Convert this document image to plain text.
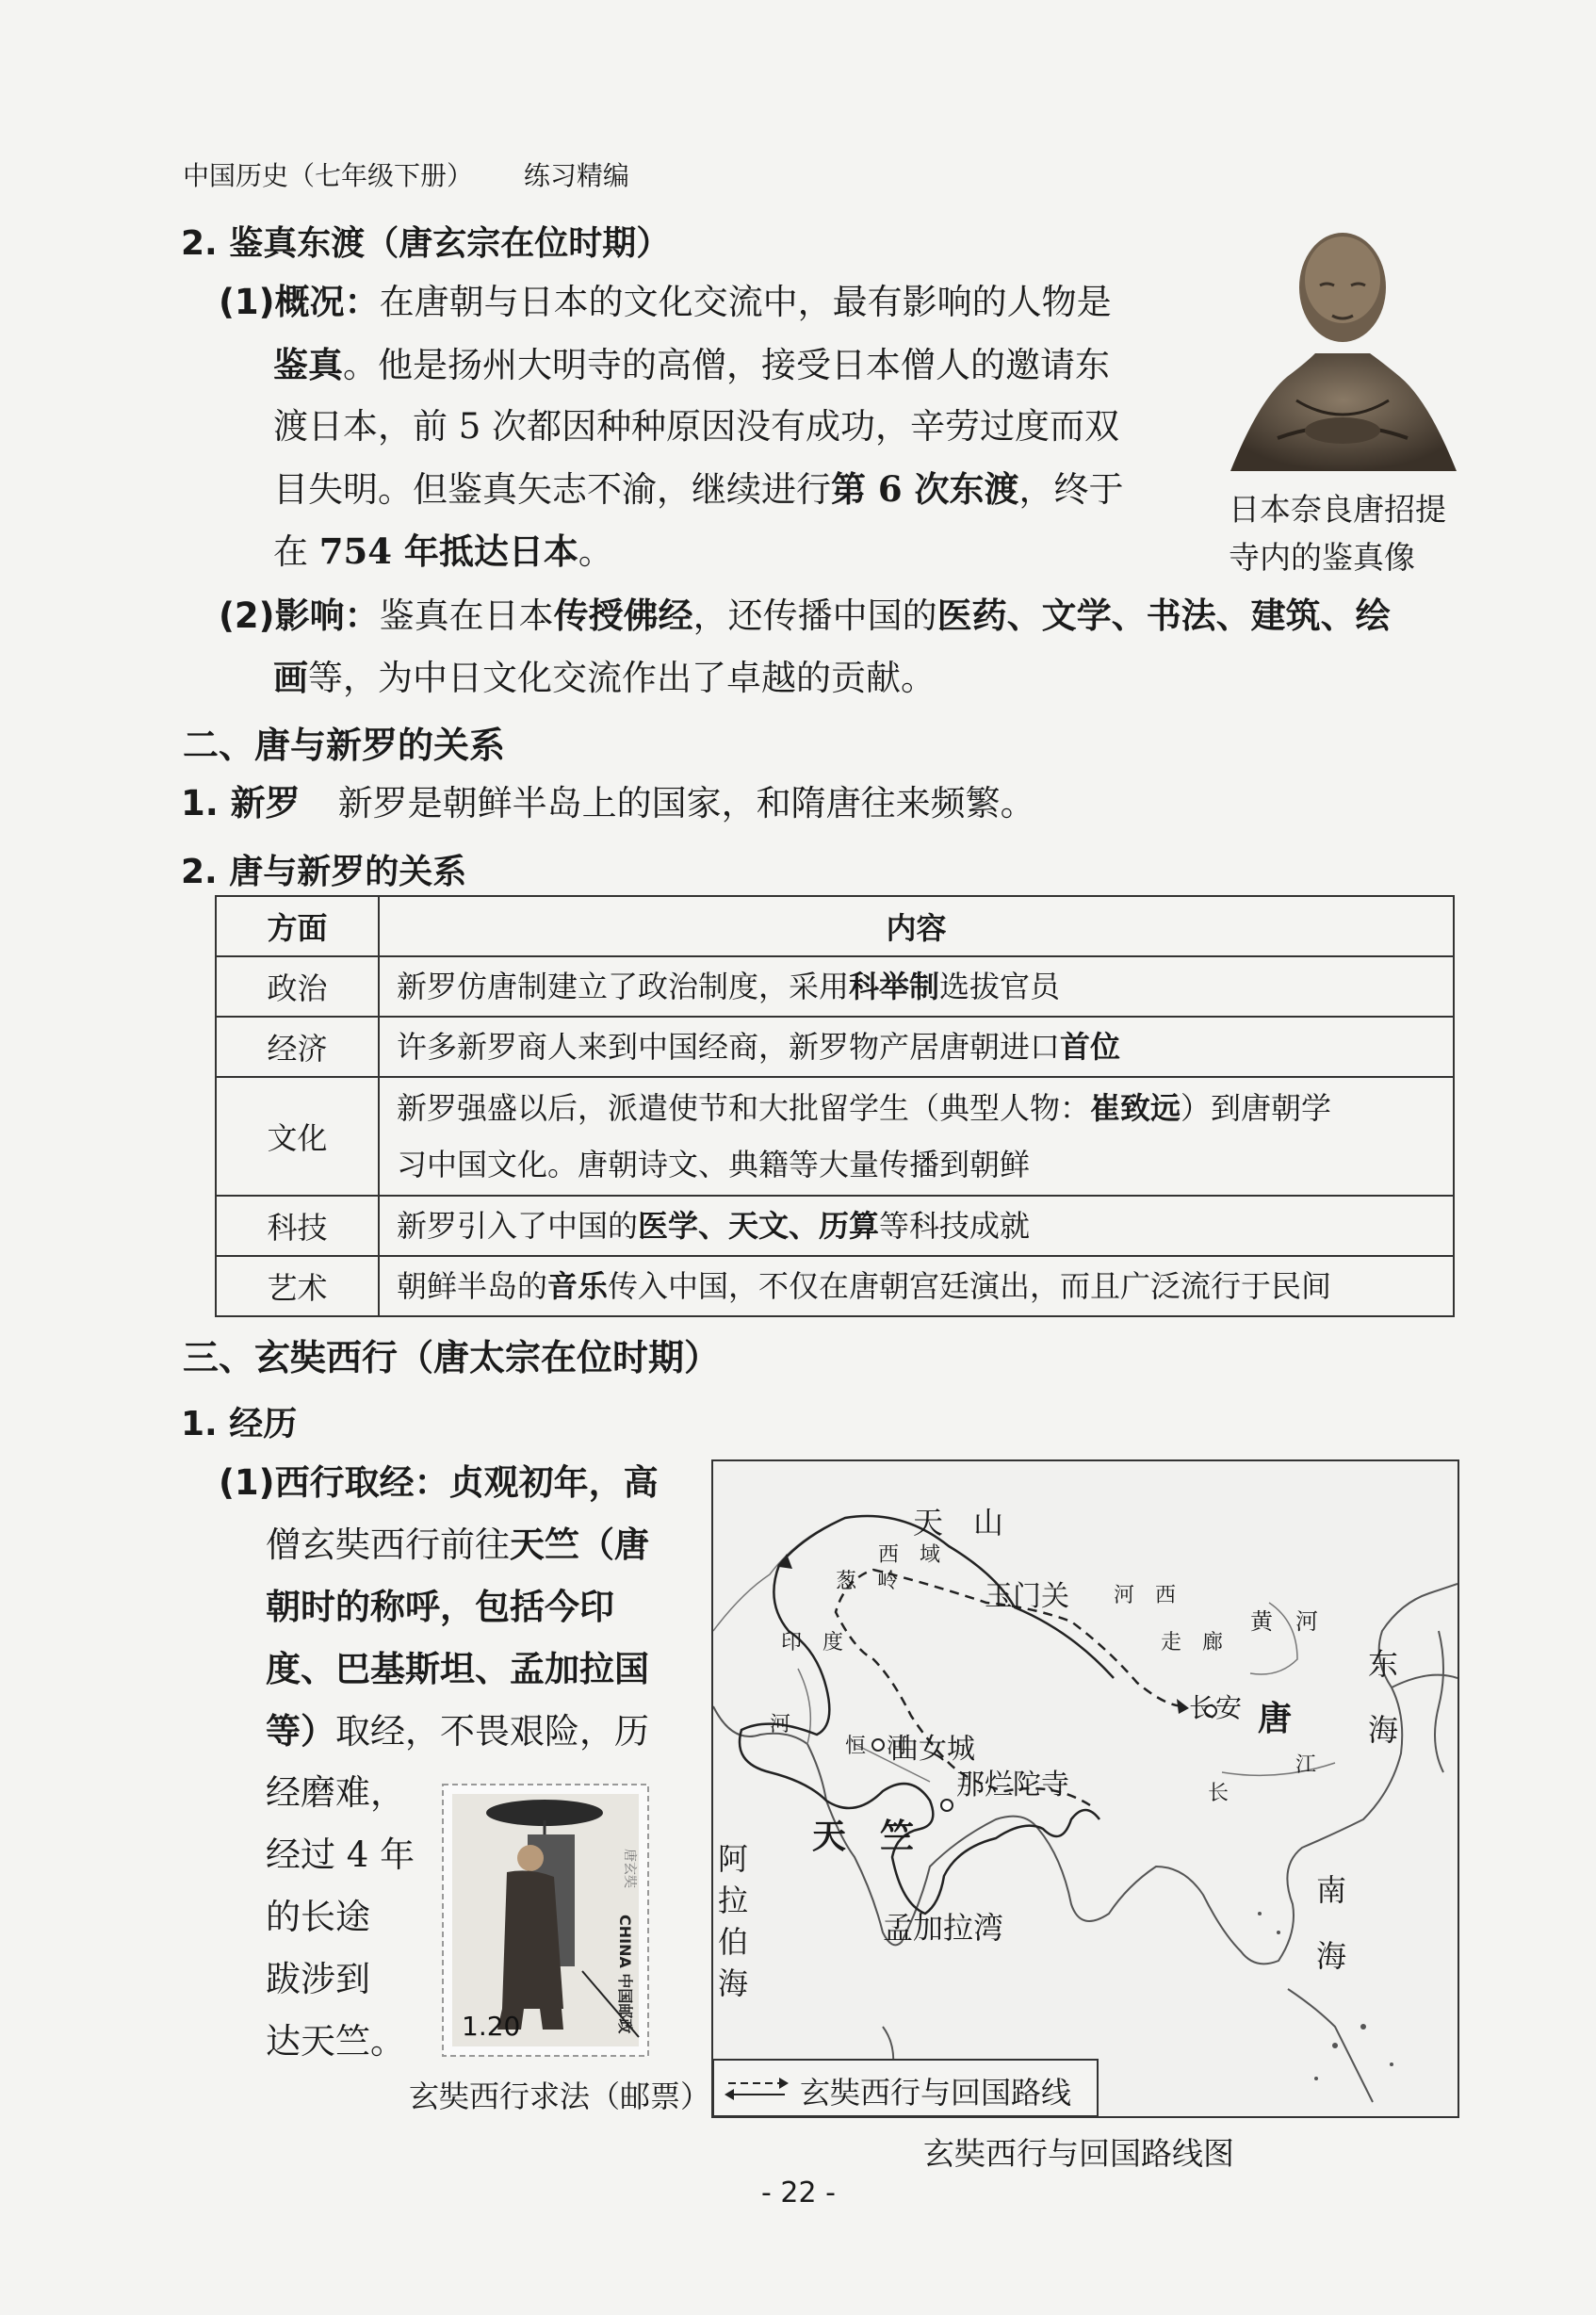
中国历史（七年级下册） 练习精编
2. 鉴真东渡（唐玄宗在位时期）
(1)概况：在唐朝与日本的文化交流中，最有影响的人物是
鉴真。他是扬州大明寺的高僧，接受日本僧人的邀请东
渡日本，前 5 次都因种种原因没有成功，辛劳过度而双
目失明。但鉴真矢志不渝，继续进行第 6 次东渡，终于
在 754 年抵达日本。
(2)影响：鉴真在日本传授佛经，还传播中国的医药、文学、书法、建筑、绘
画等，为中日文化交流作出了卓越的贡献。
日本奈良唐招提
寺内的鉴真像
二、唐与新罗的关系
1. 新罗 新罗是朝鲜半岛上的国家，和隋唐往来频繁。
2. 唐与新罗的关系
方面	内容
政治	新罗仿唐制建立了政治制度，采用科举制选拔官员
经济	许多新罗商人来到中国经商，新罗物产居唐朝进口首位
文化	新罗强盛以后，派遣使节和大批留学生（典型人物：崔致远）到唐朝学
习中国文化。唐朝诗文、典籍等大量传播到朝鲜
科技	新罗引入了中国的医学、天文、历算等科技成就
艺术	朝鲜半岛的音乐传入中国，不仅在唐朝宫廷演出，而且广泛流行于民间
三、玄奘西行（唐太宗在位时期）
1. 经历
(1)西行取经：贞观初年，高
僧玄奘西行前往天竺（唐
朝时的称呼，包括今印
度、巴基斯坦、孟加拉国
等）取经，不畏艰险，历
经磨难，
经过 4 年
的长途
跋涉到
达天竺。
唐玄奘
1.20	CHINA 中国邮政
玄奘西行求法（邮票）
天　山
西　域
葱　岭	玉门关 河　西
走　廊
黄　河
长安 唐
印　度
河
恒　河
曲女城
那烂陀寺
天　竺
阿拉伯海
孟加拉湾
江
长
东　海
南　海
玄奘西行与回国路线
玄奘西行与回国路线图
- 22 -
